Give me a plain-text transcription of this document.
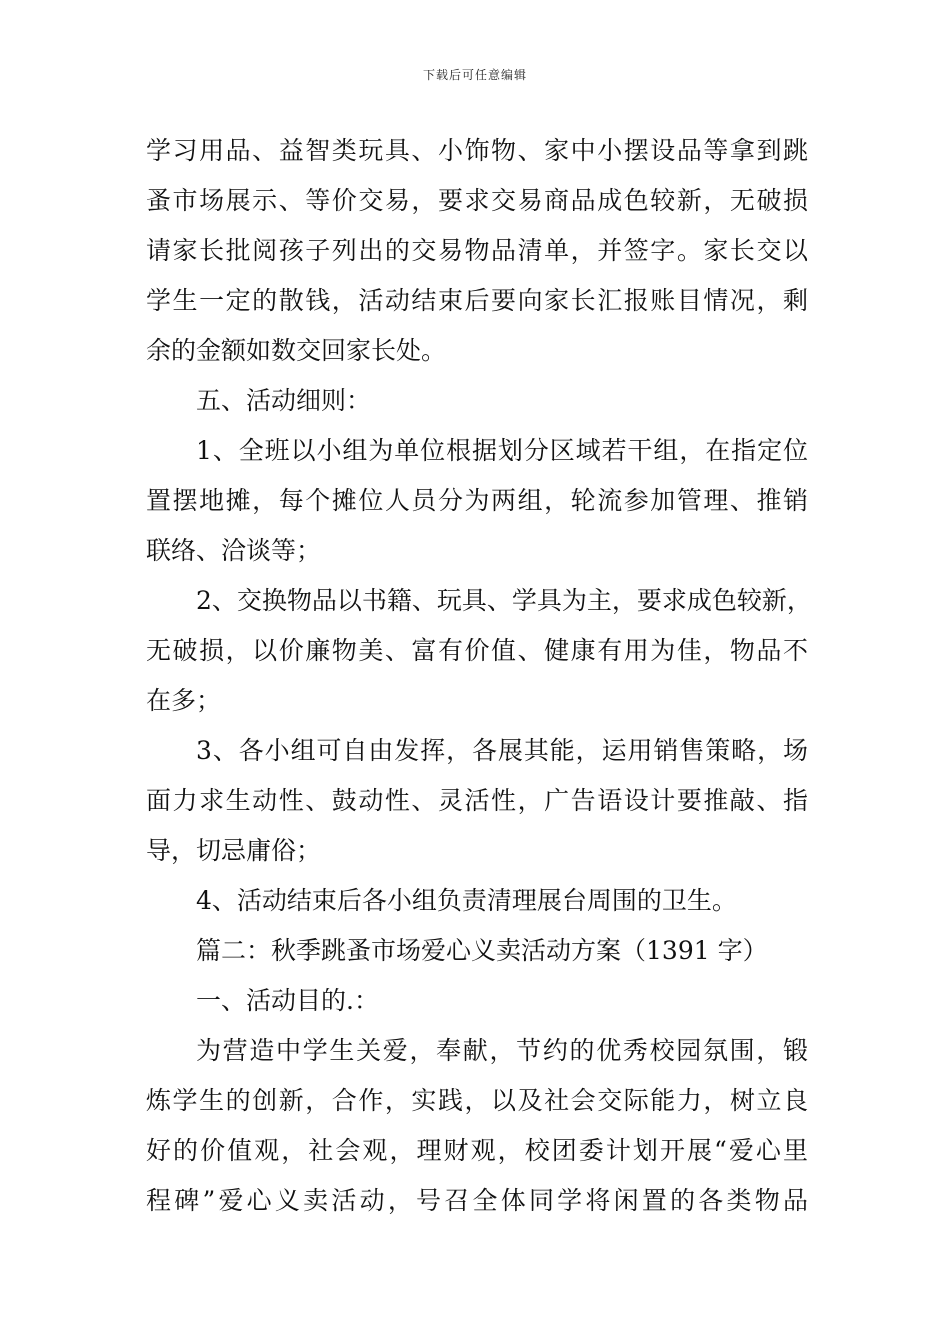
下载后可任意编辑
学习用品、益智类玩具、小饰物、家中小摆设品等拿到跳
蚤市场展示、等价交易，要求交易商品成色较新，无破损
请家长批阅孩子列出的交易物品清单，并签字。家长交以
学生一定的散钱，活动结束后要向家长汇报账目情况，剩
余的金额如数交回家长处。
五、活动细则：
1、全班以小组为单位根据划分区域若干组，在指定位
置摆地摊，每个摊位人员分为两组，轮流参加管理、推销
联络、洽谈等；
2、交换物品以书籍、玩具、学具为主，要求成色较新，
无破损，以价廉物美、富有价值、健康有用为佳，物品不
在多；
3、各小组可自由发挥，各展其能，运用销售策略，场
面力求生动性、鼓动性、灵活性，广告语设计要推敲、指
导，切忌庸俗；
4、活动结束后各小组负责清理展台周围的卫生。
篇二：秋季跳蚤市场爱心义卖活动方案（1391 字）
一、活动目的.：
为营造中学生关爱，奉献，节约的优秀校园氛围，锻
炼学生的创新，合作，实践，以及社会交际能力，树立良
好的价值观，社会观，理财观，校团委计划开展“爱心里
程碑”爱心义卖活动，号召全体同学将闲置的各类物品
